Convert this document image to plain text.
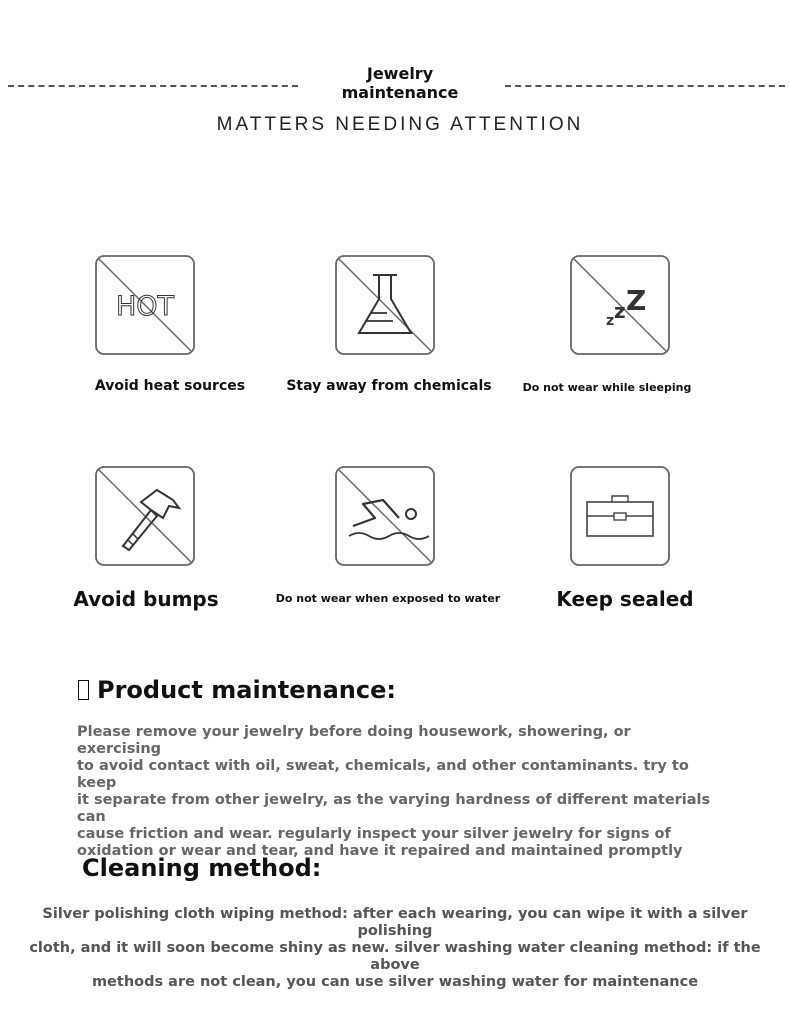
Jewelry
maintenance
MATTERS NEEDING ATTENTION
HOT	z z Z
Avoid heat sources	Stay away from chemicals	Do not wear while sleeping
Avoid bumps	Do not wear when exposed to water	Keep sealed
Product maintenance:
Please remove your jewelry before doing housework, showering, or exercising
to avoid contact with oil, sweat, chemicals, and other contaminants. try to keep
it separate from other jewelry, as the varying hardness of different materials can
cause friction and wear. regularly inspect your silver jewelry for signs of
oxidation or wear and tear, and have it repaired and maintained promptly
Cleaning method:
Silver polishing cloth wiping method: after each wearing, you can wipe it with a silver polishing
cloth, and it will soon become shiny as new. silver washing water cleaning method: if the above
methods are not clean, you can use silver washing water for maintenance
